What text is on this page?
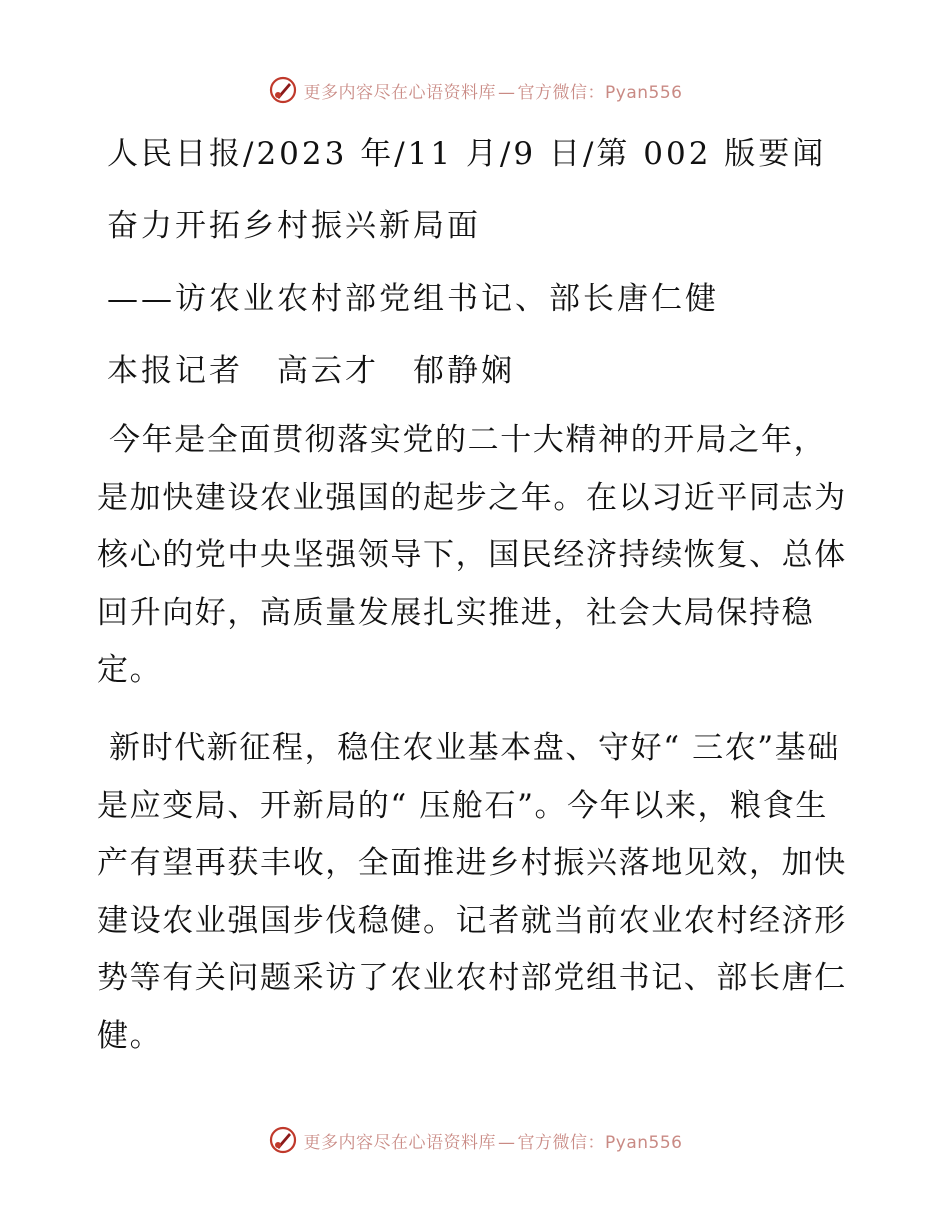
更多内容尽在心语资料库 — 官方微信：Pyan556
人民日报/2023 年/11 月/9 日/第 002 版要闻
奋力开拓乡村振兴新局面
——访农业农村部党组书记、部长唐仁健
本报记者　高云才　郁静娴

今年是全面贯彻落实党的二十大精神的开局之年，是加快建设农业强国的起步之年。在以习近平同志为核心的党中央坚强领导下，国民经济持续恢复、总体回升向好，高质量发展扎实推进，社会大局保持稳定。

新时代新征程，稳住农业基本盘、守好“ 三农”基础是应变局、开新局的“ 压舱石”。今年以来，粮食生产有望再获丰收，全面推进乡村振兴落地见效，加快建设农业强国步伐稳健。记者就当前农业农村经济形势等有关问题采访了农业农村部党组书记、部长唐仁健。

更多内容尽在心语资料库 — 官方微信：Pyan556
